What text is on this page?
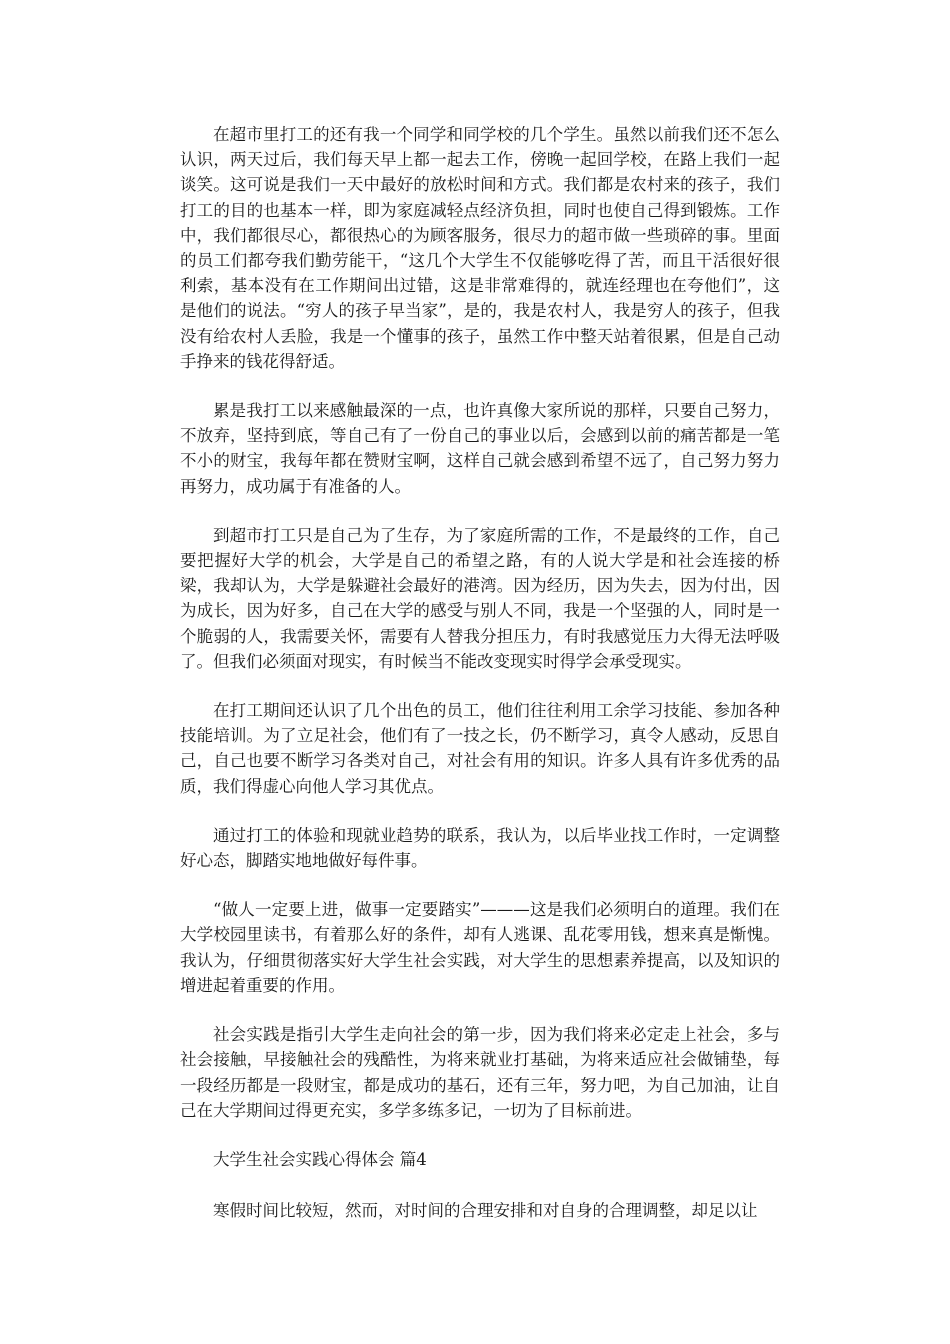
在超市里打工的还有我一个同学和同学校的几个学生。虽然以前我们还不怎么认识，两天过后，我们每天早上都一起去工作，傍晚一起回学校，在路上我们一起谈笑。这可说是我们一天中最好的放松时间和方式。我们都是农村来的孩子，我们打工的目的也基本一样，即为家庭减轻点经济负担，同时也使自己得到锻炼。工作中，我们都很尽心，都很热心的为顾客服务，很尽力的超市做一些琐碎的事。里面的员工们都夸我们勤劳能干，“这几个大学生不仅能够吃得了苦，而且干活很好很利索，基本没有在工作期间出过错，这是非常难得的，就连经理也在夸他们”，这是他们的说法。“穷人的孩子早当家”，是的，我是农村人，我是穷人的孩子，但我没有给农村人丢脸，我是一个懂事的孩子，虽然工作中整天站着很累，但是自己动手挣来的钱花得舒适。

累是我打工以来感触最深的一点，也许真像大家所说的那样，只要自己努力，不放弃，坚持到底，等自己有了一份自己的事业以后，会感到以前的痛苦都是一笔不小的财宝，我每年都在赞财宝啊，这样自己就会感到希望不远了，自己努力努力再努力，成功属于有准备的人。

到超市打工只是自己为了生存，为了家庭所需的工作，不是最终的工作，自己要把握好大学的机会，大学是自己的希望之路，有的人说大学是和社会连接的桥梁，我却认为，大学是躲避社会最好的港湾。因为经历，因为失去，因为付出，因为成长，因为好多，自己在大学的感受与别人不同，我是一个坚强的人，同时是一个脆弱的人，我需要关怀，需要有人替我分担压力，有时我感觉压力大得无法呼吸了。但我们必须面对现实，有时候当不能改变现实时得学会承受现实。

在打工期间还认识了几个出色的员工，他们往往利用工余学习技能、参加各种技能培训。为了立足社会，他们有了一技之长，仍不断学习，真令人感动，反思自己，自己也要不断学习各类对自己，对社会有用的知识。许多人具有许多优秀的品质，我们得虚心向他人学习其优点。

通过打工的体验和现就业趋势的联系，我认为，以后毕业找工作时，一定调整好心态，脚踏实地地做好每件事。

“做人一定要上进，做事一定要踏实”———这是我们必须明白的道理。我们在大学校园里读书，有着那么好的条件，却有人逃课、乱花零用钱，想来真是惭愧。我认为，仔细贯彻落实好大学生社会实践，对大学生的思想素养提高，以及知识的增进起着重要的作用。

社会实践是指引大学生走向社会的第一步，因为我们将来必定走上社会，多与社会接触，早接触社会的残酷性，为将来就业打基础，为将来适应社会做铺垫，每一段经历都是一段财宝，都是成功的基石，还有三年，努力吧，为自己加油，让自己在大学期间过得更充实，多学多练多记，一切为了目标前进。

大学生社会实践心得体会 篇4

寒假时间比较短，然而，对时间的合理安排和对自身的合理调整，却足以让
